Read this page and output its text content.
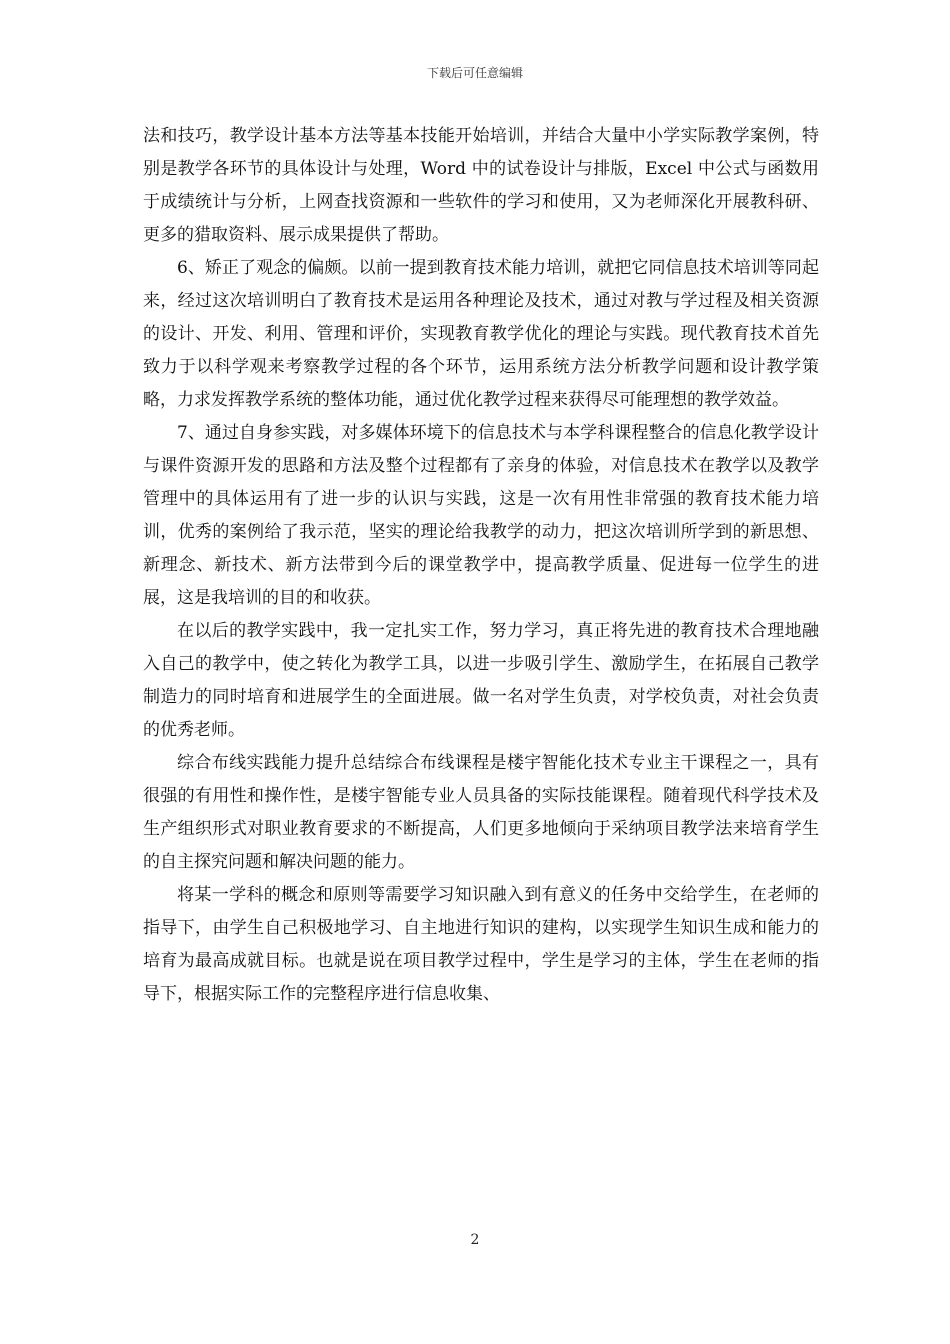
下载后可任意编辑

法和技巧，教学设计基本方法等基本技能开始培训，并结合大量中小学实际教学案例，特别是教学各环节的具体设计与处理，Word 中的试卷设计与排版，Excel 中公式与函数用于成绩统计与分析，上网查找资源和一些软件的学习和使用，又为老师深化开展教科研、更多的猎取资料、展示成果提供了帮助。

6、矫正了观念的偏颇。以前一提到教育技术能力培训，就把它同信息技术培训等同起来，经过这次培训明白了教育技术是运用各种理论及技术，通过对教与学过程及相关资源的设计、开发、利用、管理和评价，实现教育教学优化的理论与实践。现代教育技术首先致力于以科学观来考察教学过程的各个环节，运用系统方法分析教学问题和设计教学策略，力求发挥教学系统的整体功能，通过优化教学过程来获得尽可能理想的教学效益。

7、通过自身参实践，对多媒体环境下的信息技术与本学科课程整合的信息化教学设计与课件资源开发的思路和方法及整个过程都有了亲身的体验，对信息技术在教学以及教学管理中的具体运用有了进一步的认识与实践，这是一次有用性非常强的教育技术能力培训，优秀的案例给了我示范，坚实的理论给我教学的动力，把这次培训所学到的新思想、新理念、新技术、新方法带到今后的课堂教学中，提高教学质量、促进每一位学生的进展，这是我培训的目的和收获。

在以后的教学实践中，我一定扎实工作，努力学习，真正将先进的教育技术合理地融入自己的教学中，使之转化为教学工具，以进一步吸引学生、激励学生，在拓展自己教学制造力的同时培育和进展学生的全面进展。做一名对学生负责，对学校负责，对社会负责的优秀老师。

综合布线实践能力提升总结综合布线课程是楼宇智能化技术专业主干课程之一，具有很强的有用性和操作性，是楼宇智能专业人员具备的实际技能课程。随着现代科学技术及生产组织形式对职业教育要求的不断提高，人们更多地倾向于采纳项目教学法来培育学生的自主探究问题和解决问题的能力。

将某一学科的概念和原则等需要学习知识融入到有意义的任务中交给学生，在老师的指导下，由学生自己积极地学习、自主地进行知识的建构，以实现学生知识生成和能力的培育为最高成就目标。也就是说在项目教学过程中，学生是学习的主体，学生在老师的指导下，根据实际工作的完整程序进行信息收集、

2
